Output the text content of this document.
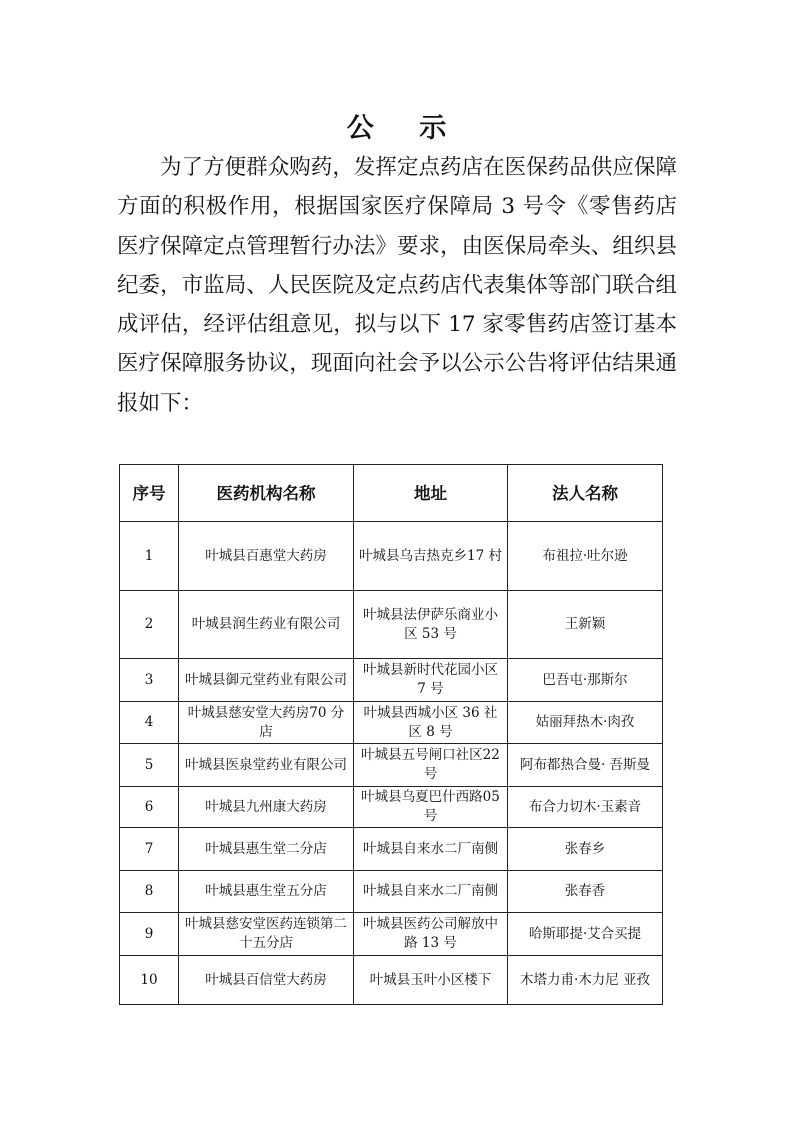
公 示

为了方便群众购药，发挥定点药店在医保药品供应保障方面的积极作用，根据国家医疗保障局 3 号令《零售药店医疗保障定点管理暂行办法》要求，由医保局牵头、组织县纪委，市监局、人民医院及定点药店代表集体等部门联合组成评估，经评估组意见，拟与以下 17 家零售药店签订基本医疗保障服务协议，现面向社会予以公示公告将评估结果通报如下：

序号	医药机构名称	地址	法人名称
1	叶城县百惠堂大药房	叶城县乌吉热克乡17 村	布祖拉·吐尔逊
2	叶城县润生药业有限公司	叶城县法伊萨乐商业小区 53 号	王新颖
3	叶城县御元堂药业有限公司	叶城县新时代花园小区 7 号	巴吾屯·那斯尔
4	叶城县慈安堂大药房70 分店	叶城县西城小区 36 社区 8 号	姑丽拜热木·肉孜
5	叶城县医泉堂药业有限公司	叶城县五号闸口社区22 号	阿布都热合曼· 吾斯曼
6	叶城县九州康大药房	叶城县乌夏巴什西路05 号	布合力切木·玉素音
7	叶城县惠生堂二分店	叶城县自来水二厂南侧	张春乡
8	叶城县惠生堂五分店	叶城县自来水二厂南侧	张春香
9	叶城县慈安堂医药连锁第二十五分店	叶城县医药公司解放中路 13 号	哈斯耶提·艾合买提
10	叶城县百信堂大药房	叶城县玉叶小区楼下	木塔力甫·木力尼 亚孜
